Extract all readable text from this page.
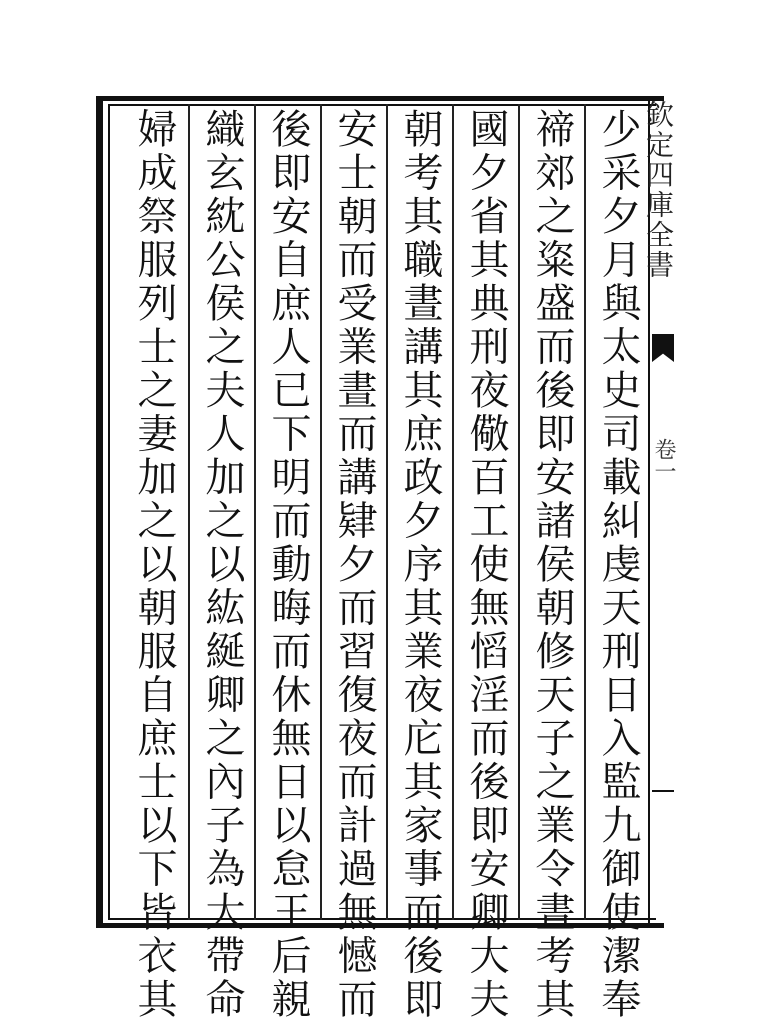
欽定四庫全書
卷一
少采夕月與太史司載糾虔天刑日入監九御使潔奉
禘郊之粢盛而後即安諸侯朝修天子之業令晝考其
國夕省其典刑夜儆百工使無慆淫而後即安卿大夫
朝考其職晝講其庶政夕序其業夜庀其家事而後即
安士朝而受業晝而講肄夕而習復夜而計過無憾而
後即安自庶人已下明而動晦而休無日以怠王后親
織玄紞公侯之夫人加之以紘綖卿之內子為大帶命
婦成祭服列士之妻加之以朝服自庶士以下皆衣其
